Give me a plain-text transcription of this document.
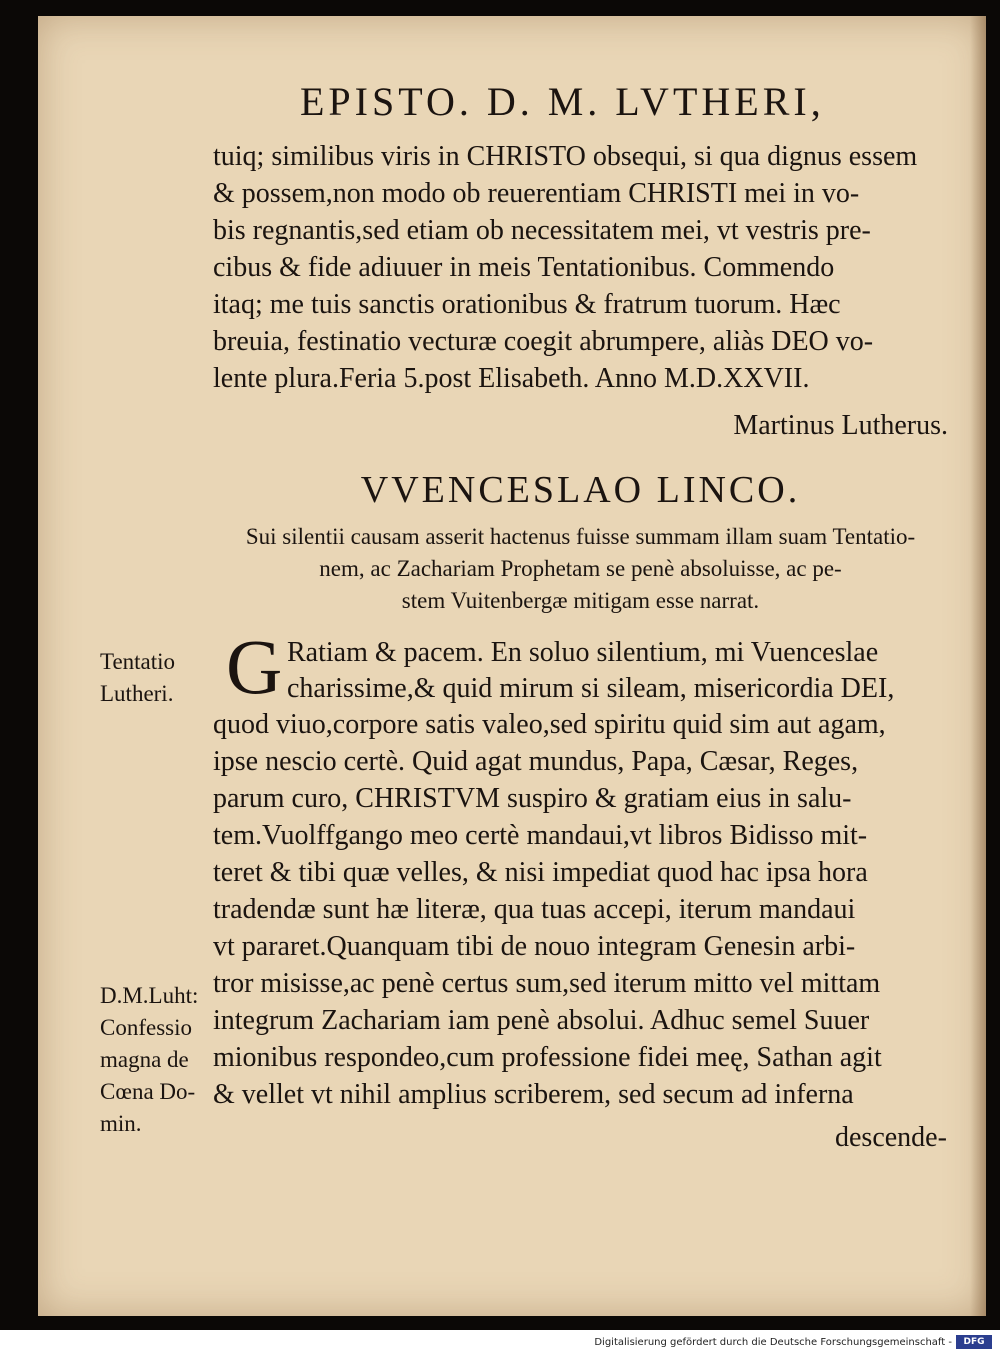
EPISTO. D. M. LVTHERI,
tuiq; similibus viris in CHRISTO obsequi, si qua dignus essem
& possem,non modo ob reuerentiam CHRISTI mei in vo-
bis regnantis,sed etiam ob necessitatem mei, vt vestris pre-
cibus & fide adiuuer in meis Tentationibus. Commendo
itaq; me tuis sanctis orationibus & fratrum tuorum. Hæc
breuia, festinatio vecturæ coegit abrumpere, aliàs DEO vo-
lente plura.Feria 5.post Elisabeth. Anno M.D.XXVII.
Martinus Lutherus.
VVENCESLAO LINCO.
Sui silentii causam asserit hactenus fuisse summam illam suam Tentatio-
nem, ac Zachariam Prophetam se penè absoluisse, ac pe-
stem Vuitenbergæ mitigam esse narrat.
G Ratiam & pacem. En soluo silentium, mi Vuenceslae
charissime,& quid mirum si sileam, misericordia DEI,
quod viuo,corpore satis valeo,sed spiritu quid sim aut agam,
ipse nescio certè. Quid agat mundus, Papa, Cæsar, Reges,
parum curo, CHRISTVM suspiro & gratiam eius in salu-
tem.Vuolffgango meo certè mandaui,vt libros Bidisso mit-
teret & tibi quæ velles, & nisi impediat quod hac ipsa hora
tradendæ sunt hæ literæ, qua tuas accepi, iterum mandaui
vt pararet.Quanquam tibi de nouo integram Genesin arbi-
tror misisse,ac penè certus sum,sed iterum mitto vel mittam
integrum Zachariam iam penè absolui. Adhuc semel Suuer
mionibus respondeo,cum professione fidei meę, Sathan agit
& vellet vt nihil amplius scriberem, sed secum ad inferna
descende-
Tentatio
Lutheri.
D.M.Luht:
Confessio
magna de
Cœna Do-
min.
Digitalisierung gefördert durch die Deutsche Forschungsgemeinschaft -	DFG
